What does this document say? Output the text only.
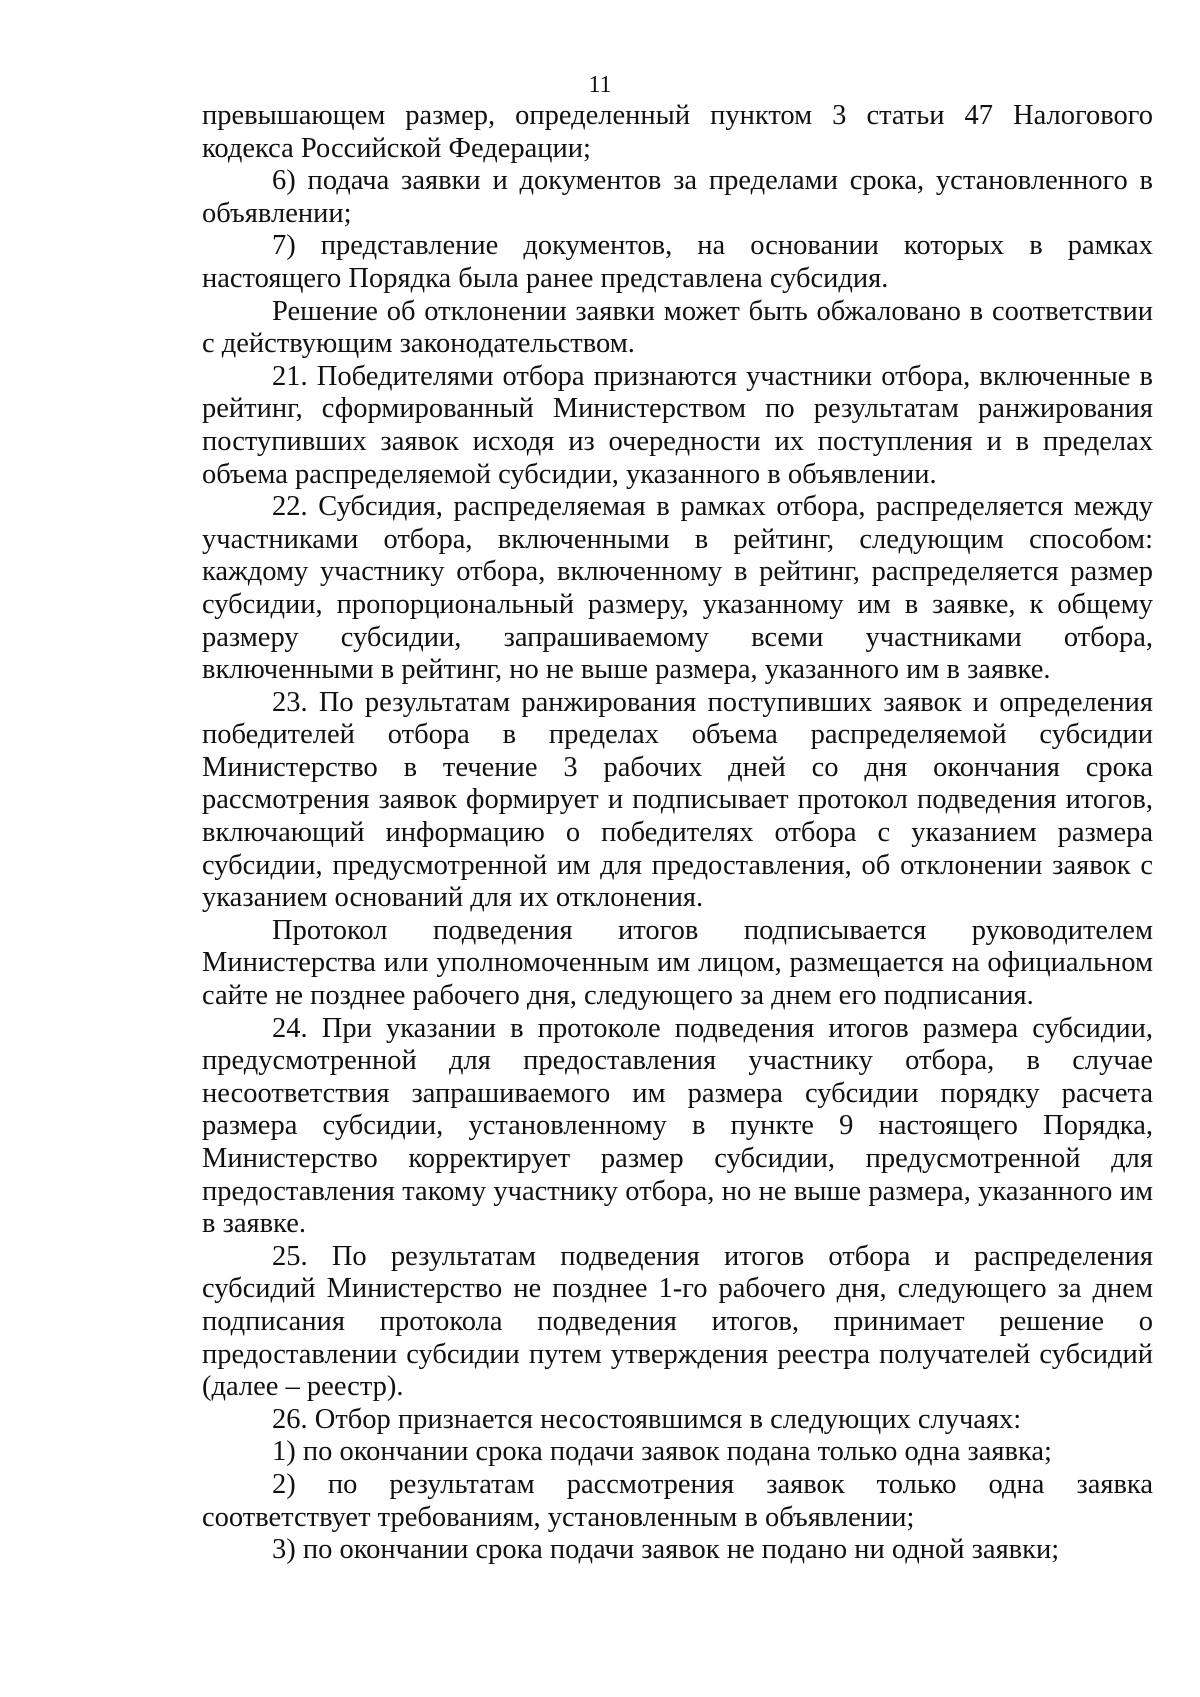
11

превышающем размер, определенный пунктом 3 статьи 47 Налогового кодекса Российской Федерации;

6) подача заявки и документов за пределами срока, установленного в объявлении;

7) представление документов, на основании которых в рамках настоящего Порядка была ранее представлена субсидия.

Решение об отклонении заявки может быть обжаловано в соответствии с действующим законодательством.

21. Победителями отбора признаются участники отбора, включенные в рейтинг, сформированный Министерством по результатам ранжирования поступивших заявок исходя из очередности их поступления и в пределах объема распределяемой субсидии, указанного в объявлении.

22. Субсидия, распределяемая в рамках отбора, распределяется между участниками отбора, включенными в рейтинг, следующим способом: каждому участнику отбора, включенному в рейтинг, распределяется размер субсидии, пропорциональный размеру, указанному им в заявке, к общему размеру субсидии, запрашиваемому всеми участниками отбора, включенными в рейтинг, но не выше размера, указанного им в заявке.

23. По результатам ранжирования поступивших заявок и определения победителей отбора в пределах объема распределяемой субсидии Министерство в течение 3 рабочих дней со дня окончания срока рассмотрения заявок формирует и подписывает протокол подведения итогов, включающий информацию о победителях отбора с указанием размера субсидии, предусмотренной им для предоставления, об отклонении заявок с указанием оснований для их отклонения.

Протокол подведения итогов подписывается руководителем Министерства или уполномоченным им лицом, размещается на официальном сайте не позднее рабочего дня, следующего за днем его подписания.

24. При указании в протоколе подведения итогов размера субсидии, предусмотренной для предоставления участнику отбора, в случае несоответствия запрашиваемого им размера субсидии порядку расчета размера субсидии, установленному в пункте 9 настоящего Порядка, Министерство корректирует размер субсидии, предусмотренной для предоставления такому участнику отбора, но не выше размера, указанного им в заявке.

25. По результатам подведения итогов отбора и распределения субсидий Министерство не позднее 1-го рабочего дня, следующего за днем подписания протокола подведения итогов, принимает решение о предоставлении субсидии путем утверждения реестра получателей субсидий (далее – реестр).

26. Отбор признается несостоявшимся в следующих случаях:

1) по окончании срока подачи заявок подана только одна заявка;

2) по результатам рассмотрения заявок только одна заявка соответствует требованиям, установленным в объявлении;

3) по окончании срока подачи заявок не подано ни одной заявки;
